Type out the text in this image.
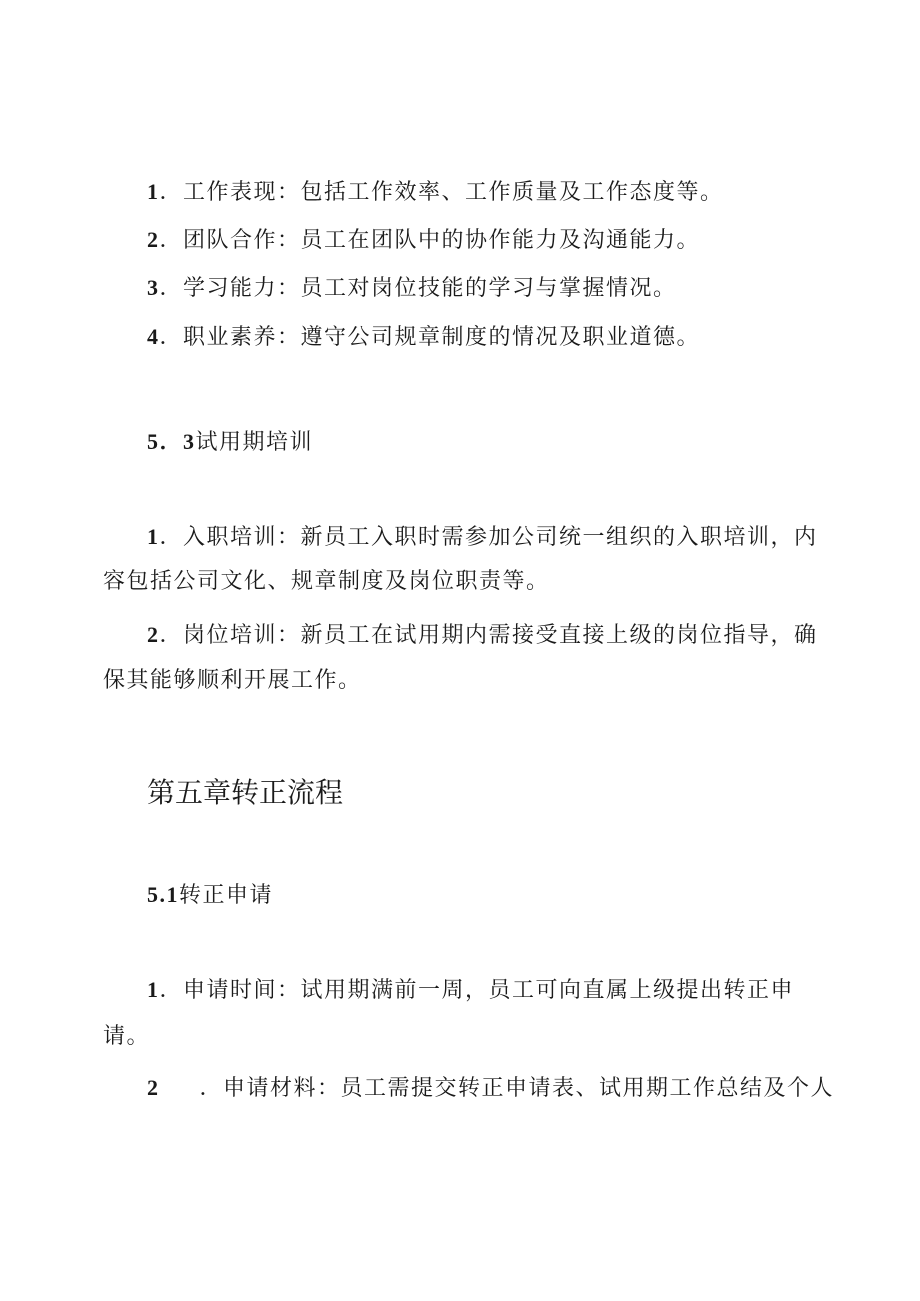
1．工作表现：包括工作效率、工作质量及工作态度等。
2．团队合作：员工在团队中的协作能力及沟通能力。
3．学习能力：员工对岗位技能的学习与掌握情况。
4．职业素养：遵守公司规章制度的情况及职业道德。
5．3试用期培训
1．入职培训：新员工入职时需参加公司统一组织的入职培训，内
容包括公司文化、规章制度及岗位职责等。
2．岗位培训：新员工在试用期内需接受直接上级的岗位指导，确
保其能够顺利开展工作。
第五章转正流程
5.1转正申请
1．申请时间：试用期满前一周，员工可向直属上级提出转正申
请。
2 ．申请材料：员工需提交转正申请表、试用期工作总结及个人
